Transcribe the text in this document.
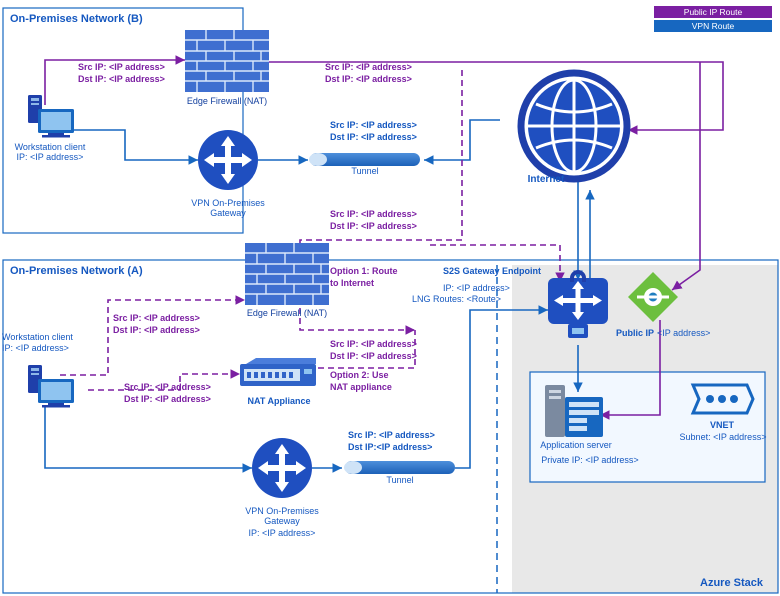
Public IP Route
VPN Route
On-Premises Network (B)
On-Premises Network (A)
Azure Stack
Workstation client
IP: <IP address>
Edge Firewall (NAT)
VPN On-Premises
Gateway
Tunnel
Internet
Src IP: <IP address>
Dst IP: <IP address>
Src IP: <IP address>
Dst IP: <IP address>
Src IP: <IP address>
Dst IP: <IP address>
Src IP: <IP address>
Dst IP: <IP address>
Option 1: Route
to Internet
Option 2: Use
NAT appliance
Workstation client
IP: <IP address>
Edge Firewall (NAT)
NAT Appliance
VPN On-Premises
Gateway
IP: <IP address>
Tunnel
Src IP: <IP address>
Dst IP: <IP address>
Src IP: <IP address>
Dst IP: <IP address>
Src IP: <IP address>
Dst IP: <IP address>
Src IP: <IP address>
Dst IP:<IP address>
S2S Gateway Endpoint
IP: <IP address>
LNG Routes: <Route>
Public IP <IP address>
Application server
Private IP: <IP address>
VNET
Subnet: <IP address>
